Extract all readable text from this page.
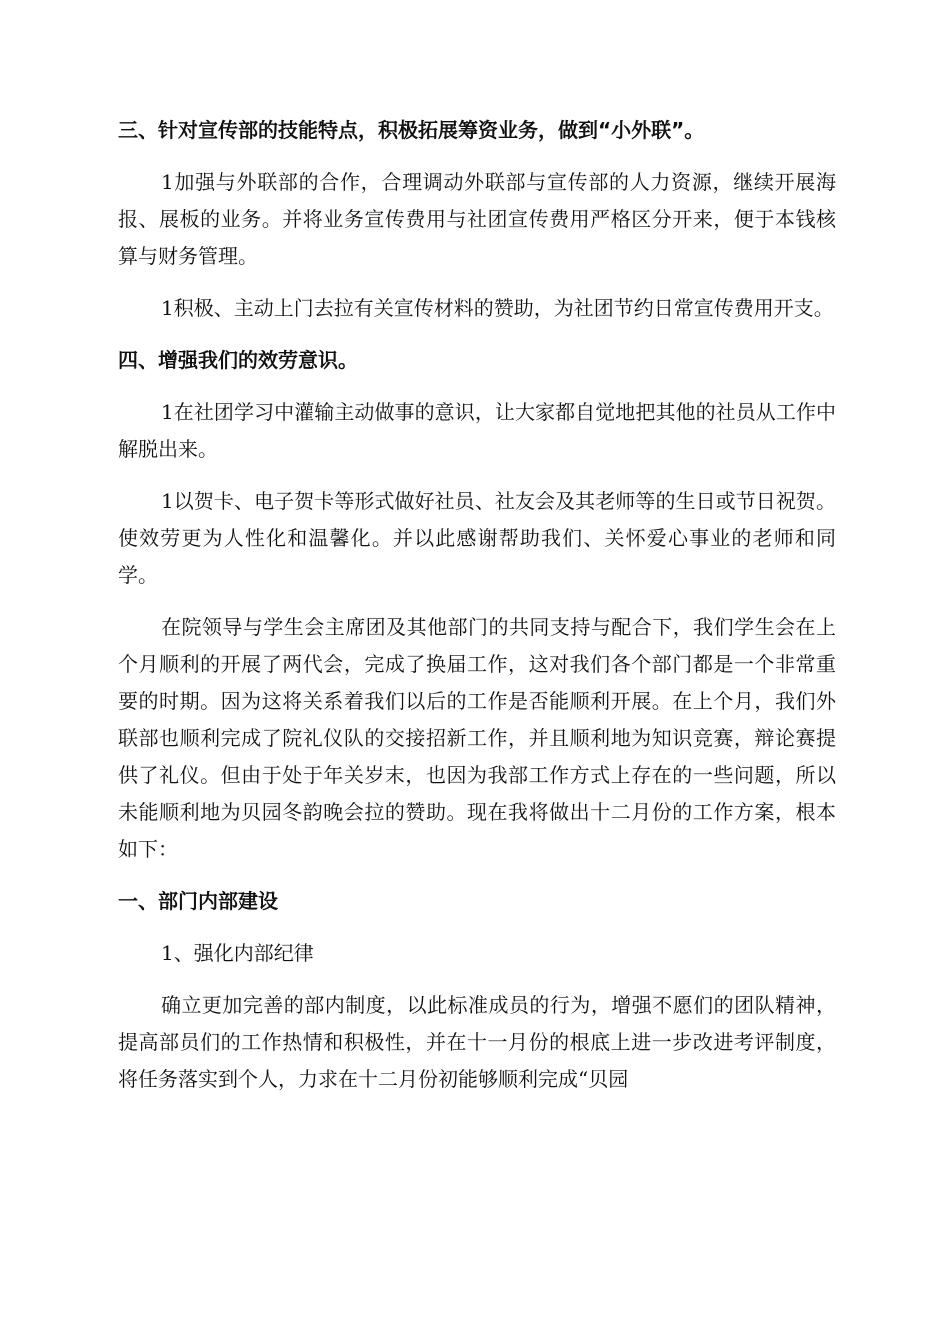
三、针对宣传部的技能特点，积极拓展筹资业务，做到“小外联”。
1加强与外联部的合作，合理调动外联部与宣传部的人力资源，继续开展海报、展板的业务。并将业务宣传费用与社团宣传费用严格区分开来，便于本钱核算与财务管理。
1积极、主动上门去拉有关宣传材料的赞助，为社团节约日常宣传费用开支。
四、增强我们的效劳意识。
1在社团学习中灌输主动做事的意识，让大家都自觉地把其他的社员从工作中解脱出来。
1以贺卡、电子贺卡等形式做好社员、社友会及其老师等的生日或节日祝贺。使效劳更为人性化和温馨化。并以此感谢帮助我们、关怀爱心事业的老师和同学。
在院领导与学生会主席团及其他部门的共同支持与配合下，我们学生会在上个月顺利的开展了两代会，完成了换届工作，这对我们各个部门都是一个非常重要的时期。因为这将关系着我们以后的工作是否能顺利开展。在上个月，我们外联部也顺利完成了院礼仪队的交接招新工作，并且顺利地为知识竞赛，辩论赛提供了礼仪。但由于处于年关岁末，也因为我部工作方式上存在的一些问题，所以未能顺利地为贝园冬韵晚会拉的赞助。现在我将做出十二月份的工作方案，根本如下：
一、部门内部建设
1、强化内部纪律
确立更加完善的部内制度，以此标准成员的行为，增强不愿们的团队精神，提高部员们的工作热情和积极性，并在十一月份的根底上进一步改进考评制度，将任务落实到个人，力求在十二月份初能够顺利完成“贝园
